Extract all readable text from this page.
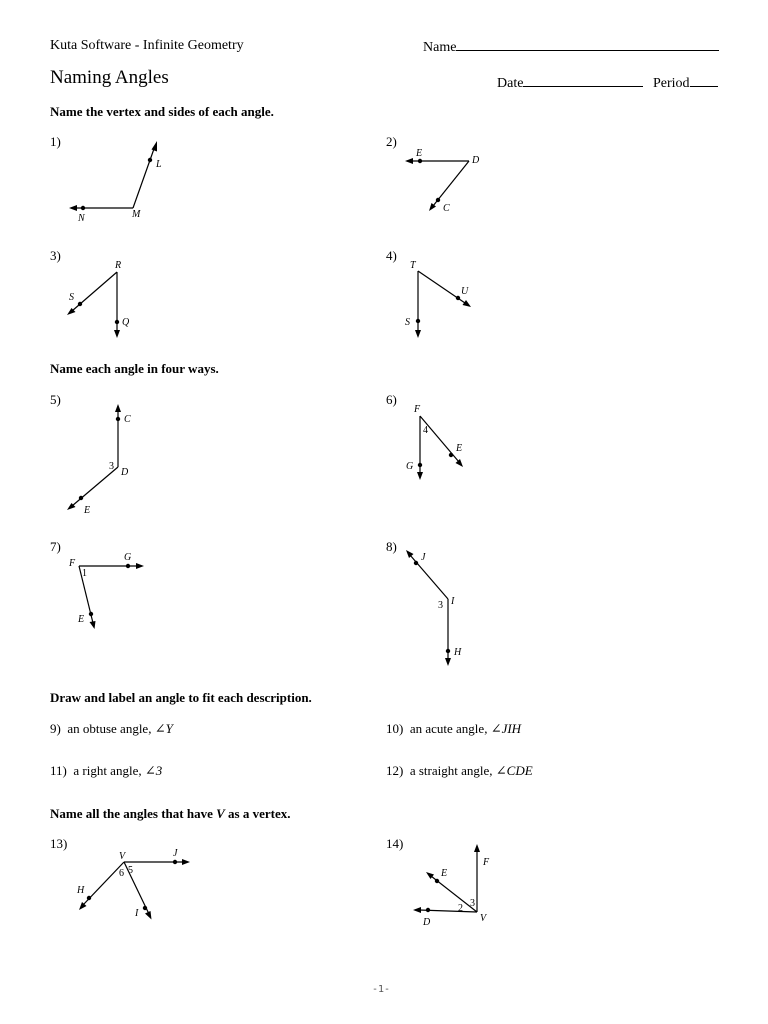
Kuta Software - Infinite Geometry	Name
Naming Angles	Date	Period
Name the vertex and sides of each angle.
1)	2)
L
M
N
E
D
C
3)	4)
R
S
Q
T
U
S
Name each angle in four ways.
5)	6)
C
D
E
3
F
E
G
4
7)	8)
F
G
E
1
J
I
H
3
Draw and label an angle to fit each description.
9) an obtuse angle, ∠Y	10) an acute angle, ∠JIH
11) a right angle, ∠3	12) a straight angle, ∠CDE
Name all the angles that have V as a vertex.
13)	14)
V	J
H
I
6 5
F
E
D	V
2 3
-1-
